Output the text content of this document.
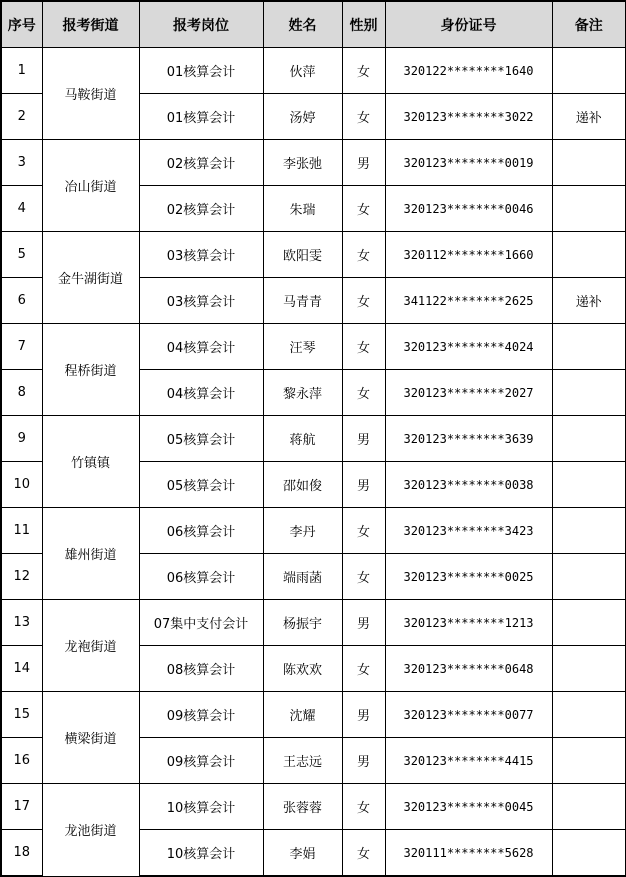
序号	报考街道	报考岗位	姓名	性别	身份证号	备注
1	马鞍街道	01核算会计	伙萍	女	320122********1640	
2		01核算会计	汤婷	女	320123********3022	递补
3	冶山街道	02核算会计	李张弛	男	320123********0019	
4		02核算会计	朱瑞	女	320123********0046	
5	金牛湖街道	03核算会计	欧阳雯	女	320112********1660	
6		03核算会计	马青青	女	341122********2625	递补
7	程桥街道	04核算会计	汪琴	女	320123********4024	
8		04核算会计	黎永萍	女	320123********2027	
9	竹镇镇	05核算会计	蒋航	男	320123********3639	
10		05核算会计	邵如俊	男	320123********0038	
11	雄州街道	06核算会计	李丹	女	320123********3423	
12		06核算会计	端雨菡	女	320123********0025	
13	龙袍街道	07集中支付会计	杨振宇	男	320123********1213	
14		08核算会计	陈欢欢	女	320123********0648	
15	横梁街道	09核算会计	沈耀	男	320123********0077	
16		09核算会计	王志远	男	320123********4415	
17	龙池街道	10核算会计	张蓉蓉	女	320123********0045	
18		10核算会计	李娟	女	320111********5628	
